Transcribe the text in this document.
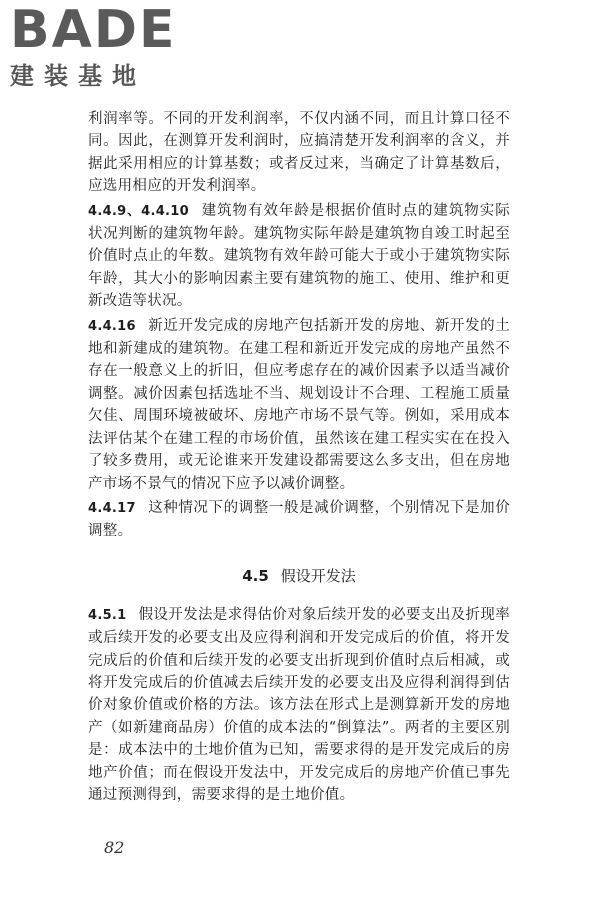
BADE
建装基地

利润率等。不同的开发利润率，不仅内涵不同，而且计算口径不同。因此，在测算开发利润时，应搞清楚开发利润率的含义，并据此采用相应的计算基数；或者反过来，当确定了计算基数后，应选用相应的开发利润率。

4.4.9、4.4.10 建筑物有效年龄是根据价值时点的建筑物实际状况判断的建筑物年龄。建筑物实际年龄是建筑物自竣工时起至价值时点止的年数。建筑物有效年龄可能大于或小于建筑物实际年龄，其大小的影响因素主要有建筑物的施工、使用、维护和更新改造等状况。

4.4.16 新近开发完成的房地产包括新开发的房地、新开发的土地和新建成的建筑物。在建工程和新近开发完成的房地产虽然不存在一般意义上的折旧，但应考虑存在的减价因素予以适当减价调整。减价因素包括选址不当、规划设计不合理、工程施工质量欠佳、周围环境被破坏、房地产市场不景气等。例如，采用成本法评估某个在建工程的市场价值，虽然该在建工程实实在在投入了较多费用，或无论谁来开发建设都需要这么多支出，但在房地产市场不景气的情况下应予以减价调整。

4.4.17 这种情况下的调整一般是减价调整，个别情况下是加价调整。

4.5 假设开发法

4.5.1 假设开发法是求得估价对象后续开发的必要支出及折现率或后续开发的必要支出及应得利润和开发完成后的价值，将开发完成后的价值和后续开发的必要支出折现到价值时点后相减，或将开发完成后的价值减去后续开发的必要支出及应得利润得到估价对象价值或价格的方法。该方法在形式上是测算新开发的房地产（如新建商品房）价值的成本法的“倒算法”。两者的主要区别是：成本法中的土地价值为已知，需要求得的是开发完成后的房地产价值；而在假设开发法中，开发完成后的房地产价值已事先通过预测得到，需要求得的是土地价值。

82
